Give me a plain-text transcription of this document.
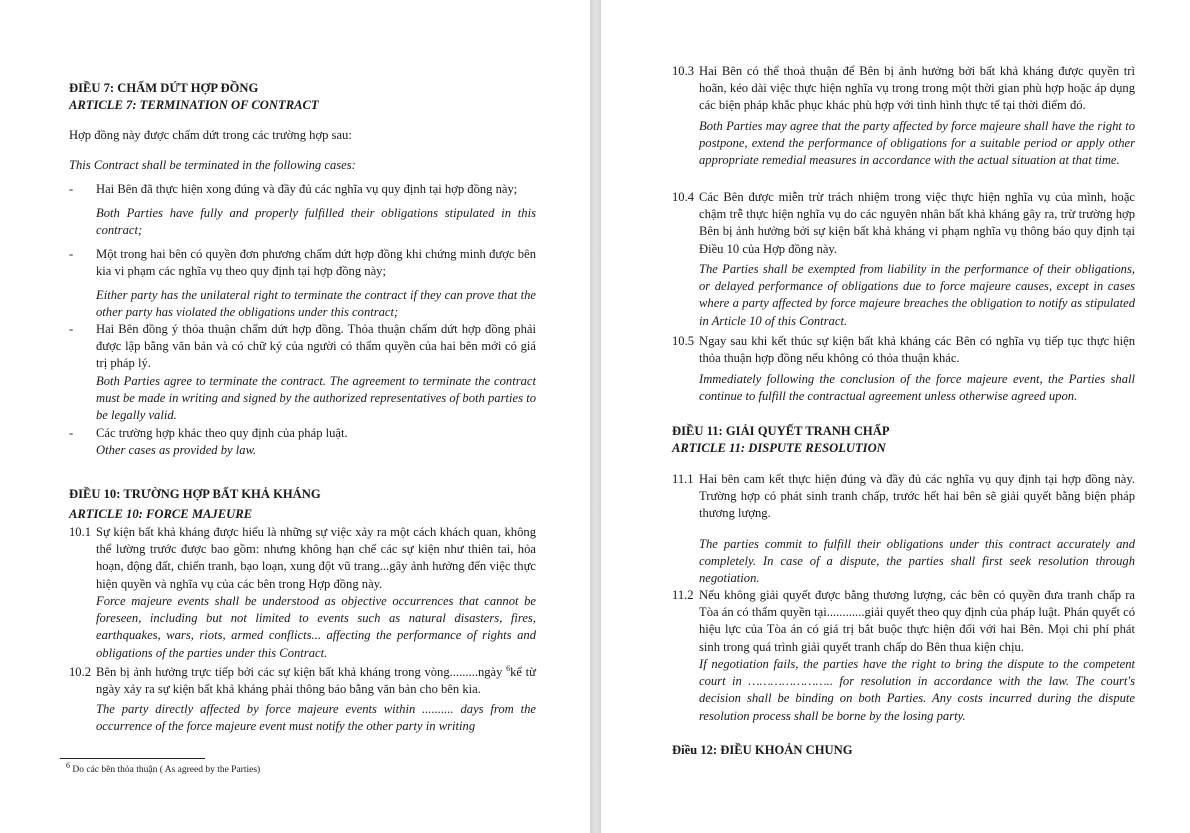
ĐIỀU 7: CHẤM DỨT HỢP ĐỒNG
ARTICLE 7: TERMINATION OF CONTRACT
Hợp đồng này được chấm dứt trong các trường hợp sau:
This Contract shall be terminated in the following cases:
- Hai Bên đã thực hiện xong đúng và đầy đủ các nghĩa vụ quy định tại hợp đồng này;
Both Parties have fully and properly fulfilled their obligations stipulated in this contract;
- Một trong hai bên có quyền đơn phương chấm dứt hợp đồng khi chứng minh được bên kia vi phạm các nghĩa vụ theo quy định tại hợp đồng này;
Either party has the unilateral right to terminate the contract if they can prove that the other party has violated the obligations under this contract;
- Hai Bên đồng ý thỏa thuận chấm dứt hợp đồng. Thỏa thuận chấm dứt hợp đồng phải được lập bằng văn bản và có chữ ký của người có thẩm quyền của hai bên mới có giá trị pháp lý.
Both Parties agree to terminate the contract. The agreement to terminate the contract must be made in writing and signed by the authorized representatives of both parties to be legally valid.
- Các trường hợp khác theo quy định của pháp luật.
Other cases as provided by law.
ĐIỀU 10: TRƯỜNG HỢP BẤT KHẢ KHÁNG
ARTICLE 10: FORCE MAJEURE
10.1 Sự kiện bất khả kháng được hiểu là những sự việc xảy ra một cách khách quan, không thể lường trước được bao gồm: nhưng không hạn chế các sự kiện như thiên tai, hỏa hoạn, động đất, chiến tranh, bạo loạn, xung đột vũ trang...gây ảnh hưởng đến việc thực hiện quyền và nghĩa vụ của các bên trong Hợp đồng này.
Force majeure events shall be understood as objective occurrences that cannot be foreseen, including but not limited to events such as natural disasters, fires, earthquakes, wars, riots, armed conflicts... affecting the performance of rights and obligations of the parties under this Contract.
10.2 Bên bị ảnh hưởng trực tiếp bởi các sự kiện bất khả kháng trong vòng.........ngày $^6$kể từ ngày xảy ra sự kiện bất khả kháng phải thông báo bằng văn bản cho bên kia.
The party directly affected by force majeure events within .......... days from the occurrence of the force majeure event must notify the other party in writing
$^6$ Do các bên thỏa thuận ( As agreed by the Parties)
10.3 Hai Bên có thể thoả thuận để Bên bị ảnh hưởng bởi bất khả kháng được quyền trì hoãn, kéo dài việc thực hiện nghĩa vụ trong trong một thời gian phù hợp hoặc áp dụng các biện pháp khắc phục khác phù hợp với tình hình thực tế tại thời điểm đó.
Both Parties may agree that the party affected by force majeure shall have the right to postpone, extend the performance of obligations for a suitable period or apply other appropriate remedial measures in accordance with the actual situation at that time.
10.4 Các Bên được miễn trừ trách nhiệm trong việc thực hiện nghĩa vụ của mình, hoặc chậm trễ thực hiện nghĩa vụ do các nguyên nhân bất khả kháng gây ra, trừ trường hợp Bên bị ảnh hưởng bởi sự kiện bất khả kháng vi phạm nghĩa vụ thông báo quy định tại Điều 10 của Hợp đồng này.
The Parties shall be exempted from liability in the performance of their obligations, or delayed performance of obligations due to force majeure causes, except in cases where a party affected by force majeure breaches the obligation to notify as stipulated in Article 10 of this Contract.
10.5 Ngay sau khi kết thúc sự kiện bất khả kháng các Bên có nghĩa vụ tiếp tục thực hiện thỏa thuận hợp đồng nếu không có thỏa thuận khác.
Immediately following the conclusion of the force majeure event, the Parties shall continue to fulfill the contractual agreement unless otherwise agreed upon.
ĐIỀU 11: GIẢI QUYẾT TRANH CHẤP
ARTICLE 11: DISPUTE RESOLUTION
11.1 Hai bên cam kết thực hiện đúng và đầy đủ các nghĩa vụ quy định tại hợp đồng này. Trường hợp có phát sinh tranh chấp, trước hết hai bên sẽ giải quyết bằng biện pháp thương lượng.
The parties commit to fulfill their obligations under this contract accurately and completely. In case of a dispute, the parties shall first seek resolution through negotiation.
11.2 Nếu không giải quyết được bằng thương lượng, các bên có quyền đưa tranh chấp ra Tòa án có thẩm quyền tại............giải quyết theo quy định của pháp luật. Phán quyết có hiệu lực của Tòa án có giá trị bắt buộc thực hiện đối với hai Bên. Mọi chi phí phát sinh trong quá trình giải quyết tranh chấp do Bên thua kiện chịu.
If negotiation fails, the parties have the right to bring the dispute to the competent court in ………………….. for resolution in accordance with the law. The court's decision shall be binding on both Parties. Any costs incurred during the dispute resolution process shall be borne by the losing party.
Điều 12: ĐIỀU KHOẢN CHUNG
